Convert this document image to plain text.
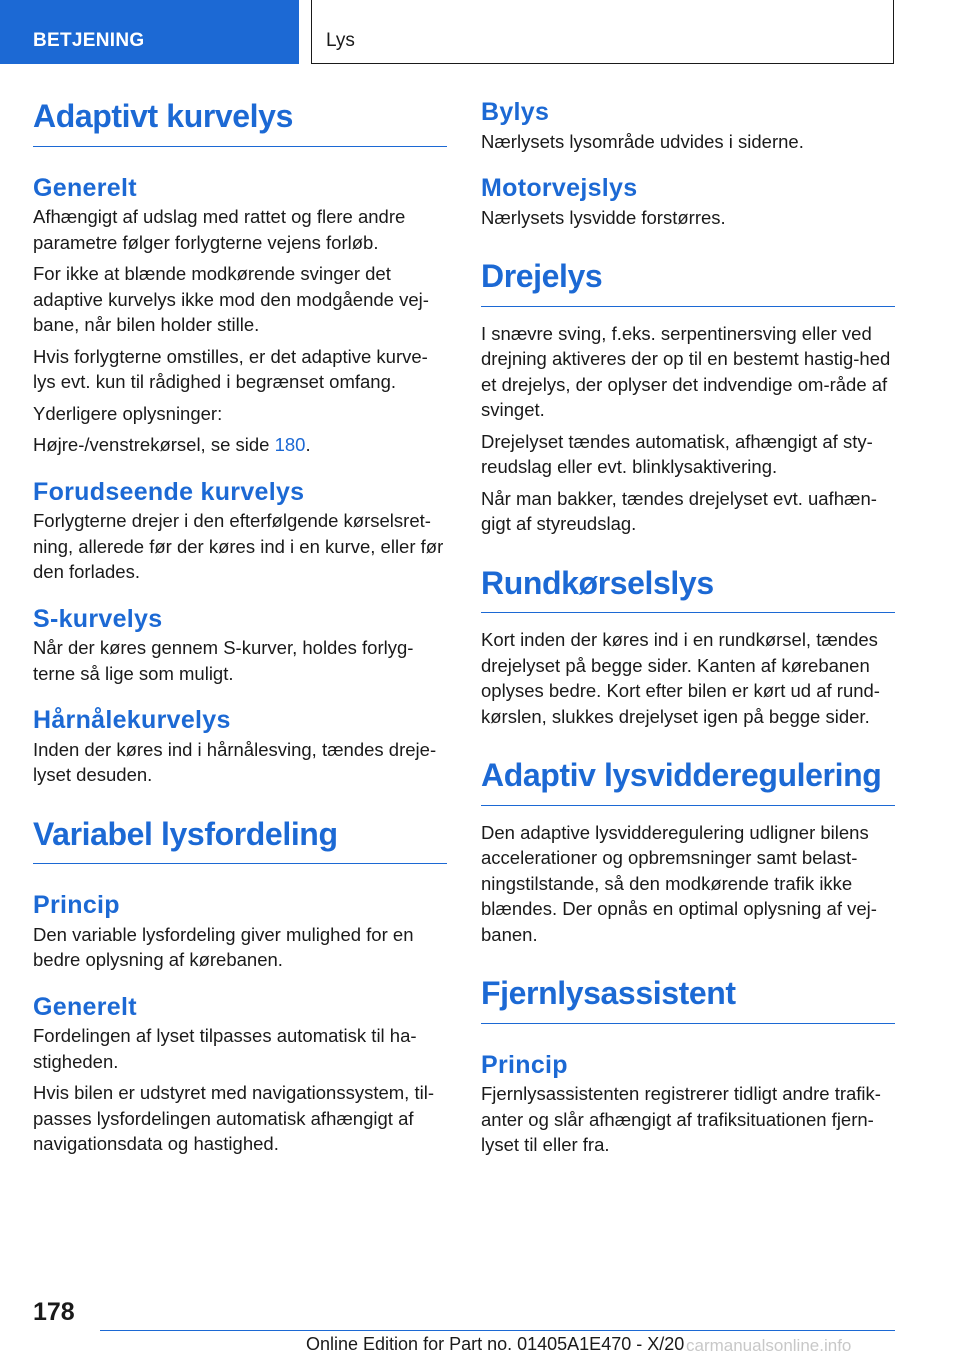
BETJENING	Lys
Adaptivt kurvelys
Generelt

Afhængigt af udslag med rattet og flere andre parametre følger forlygterne vejens forløb.

For ikke at blænde modkørende svinger det adaptive kurvelys ikke mod den modgående vej‐bane, når bilen holder stille.

Hvis forlygterne omstilles, er det adaptive kurve‐lys evt. kun til rådighed i begrænset omfang.

Yderligere oplysninger:

Højre-/venstrekørsel, se side 180.

Forudseende kurvelys

Forlygterne drejer i den efterfølgende kørselsret‐ning, allerede før der køres ind i en kurve, eller før den forlades.

S-kurvelys

Når der køres gennem S-kurver, holdes forlyg‐terne så lige som muligt.

Hårnålekurvelys

Inden der køres ind i hårnålesving, tændes dreje‐lyset desuden.

Variabel lysfordeling
Princip

Den variable lysfordeling giver mulighed for en bedre oplysning af kørebanen.

Generelt

Fordelingen af lyset tilpasses automatisk til ha‐stigheden.

Hvis bilen er udstyret med navigationssystem, til‐passes lysfordelingen automatisk afhængigt af navigationsdata og hastighed.

Bylys

Nærlysets lysområde udvides i siderne.

Motorvejslys

Nærlysets lysvidde forstørres.

Drejelys

I snævre sving, f.eks. serpentinersving eller ved drejning aktiveres der op til en bestemt hastig‐hed et drejelys, der oplyser det indvendige om‐råde af svinget.

Drejelyset tændes automatisk, afhængigt af sty‐reudslag eller evt. blinklysaktivering.

Når man bakker, tændes drejelyset evt. uafhæn‐gigt af styreudslag.

Rundkørselslys

Kort inden der køres ind i en rundkørsel, tændes drejelyset på begge sider. Kanten af kørebanen oplyses bedre. Kort efter bilen er kørt ud af rund‐kørslen, slukkes drejelyset igen på begge sider.

Adaptiv lysvidderegulering

Den adaptive lysvidderegulering udligner bilens accelerationer og opbremsninger samt belast‐ningstilstande, så den modkørende trafik ikke blændes. Der opnås en optimal oplysning af vej‐banen.

Fjernlysassistent
Princip

Fjernlysassistenten registrerer tidligt andre trafik‐anter og slår afhængigt af trafiksituationen fjern‐lyset til eller fra.

178
Online Edition for Part no. 01405A1E470 - X/20 carmanualsonline.info
